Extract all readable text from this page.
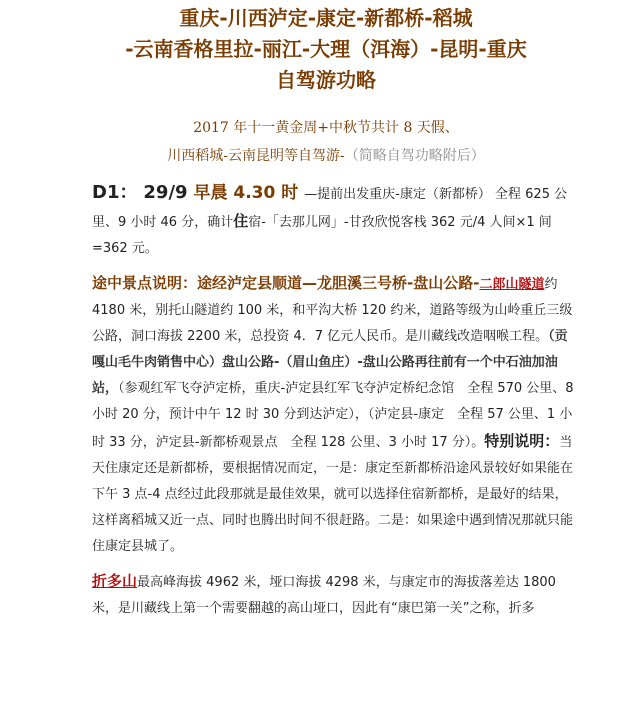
重庆-川西泸定-康定-新都桥-稻城
-云南香格里拉-丽江-大理（洱海）-昆明-重庆
自驾游功略
2017 年十一黄金周+中秋节共计 8 天假、
川西稻城-云南昆明等自驾游-（简略自驾功略附后）

D1： 29/9 早晨 4.30 时 —提前出发重庆-康定（新都桥） 全程 625 公里、9 小时 46 分，确计住宿-「去那儿网」-甘孜欣悦客栈 362 元/4 人间×1 间=362 元。

途中景点说明：途经泸定县顺道—龙胆溪三号桥-盘山公路-二郎山隧道约 4180 米，别托山隧道约 100 米，和平沟大桥 120 约米，道路等级为山岭重丘三级公路，洞口海拔 2200 米，总投资 4．7 亿元人民币。是川藏线改造咽喉工程。（贡嘎山毛牛肉销售中心）盘山公路-（眉山鱼庄）-盘山公路再往前有一个中石油加油站，（参观红军飞夺泸定桥，重庆-泸定县红军飞夺泸定桥纪念馆　全程 570 公里、8 小时 20 分，预计中午 12 时 30 分到达泸定），（泸定县-康定　全程 57 公里、1 小时 33 分，泸定县-新都桥观景点　全程 128 公里、3 小时 17 分）。特别说明：当天住康定还是新都桥，要根据情况而定，一是：康定至新都桥沿途风景较好如果能在下午 3 点-4 点经过此段那就是最佳效果，就可以选择住宿新都桥，是最好的结果，这样离稻城又近一点、同时也腾出时间不很赶路。二是：如果途中遇到情况那就只能住康定县城了。

折多山最高峰海拔 4962 米，垭口海拔 4298 米，与康定市的海拔落差达 1800 米，是川藏线上第一个需要翻越的高山垭口，因此有“康巴第一关”之称，折多
